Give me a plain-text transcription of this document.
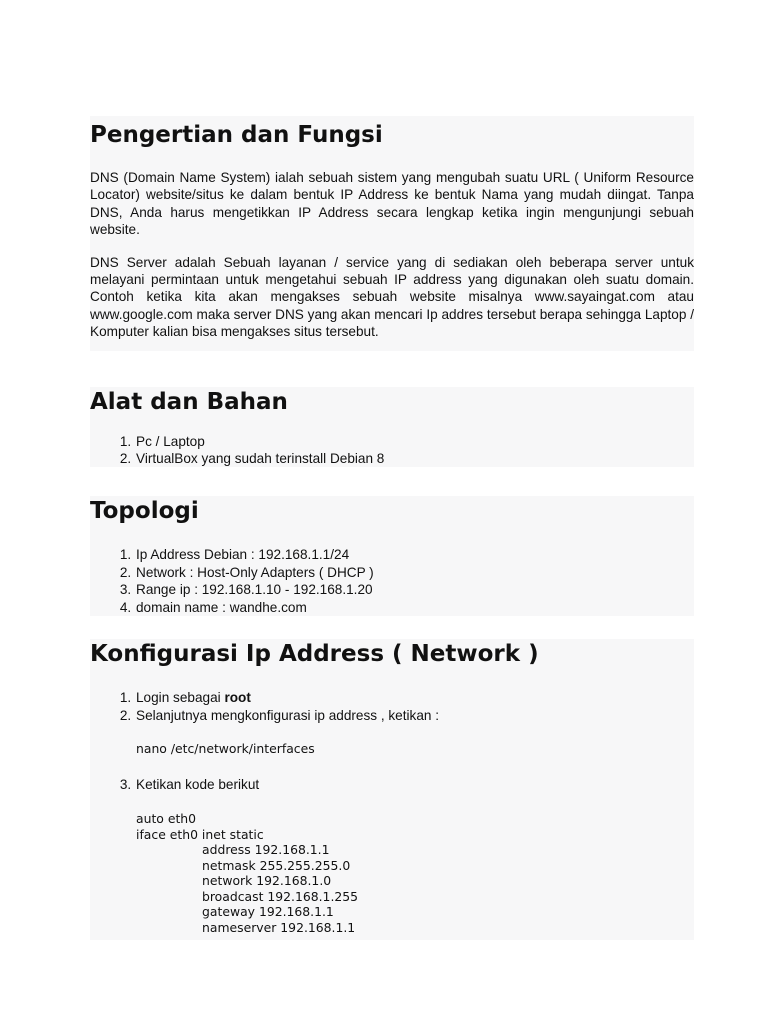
Pengertian dan Fungsi

DNS (Domain Name System) ialah sebuah sistem yang mengubah suatu URL ( Uniform Resource Locator) website/situs ke dalam bentuk IP Address ke bentuk Nama yang mudah diingat. Tanpa DNS, Anda harus mengetikkan IP Address secara lengkap ketika ingin mengunjungi sebuah website.

DNS Server adalah Sebuah layanan / service yang di sediakan oleh beberapa server untuk melayani permintaan untuk mengetahui sebuah IP address yang digunakan oleh suatu domain. Contoh ketika kita akan mengakses sebuah website misalnya www.sayaingat.com atau www.google.com maka server DNS yang akan mencari Ip addres tersebut berapa sehingga Laptop / Komputer kalian bisa mengakses situs tersebut.

Alat dan Bahan
1. Pc / Laptop
2. VirtualBox yang sudah terinstall Debian 8
Topologi
1. Ip Address Debian : 192.168.1.1/24
2. Network : Host-Only Adapters ( DHCP )
3. Range ip : 192.168.1.10 - 192.168.1.20
4. domain name : wandhe.com
Konfigurasi Ip Address ( Network )
1. Login sebagai root
2. Selanjutnya mengkonfigurasi ip address , ketikan :
nano /etc/network/interfaces
3. Ketikan kode berikut
auto eth0
iface eth0 inet static
address 192.168.1.1
netmask 255.255.255.0
network 192.168.1.0
broadcast 192.168.1.255
gateway 192.168.1.1
nameserver 192.168.1.1
